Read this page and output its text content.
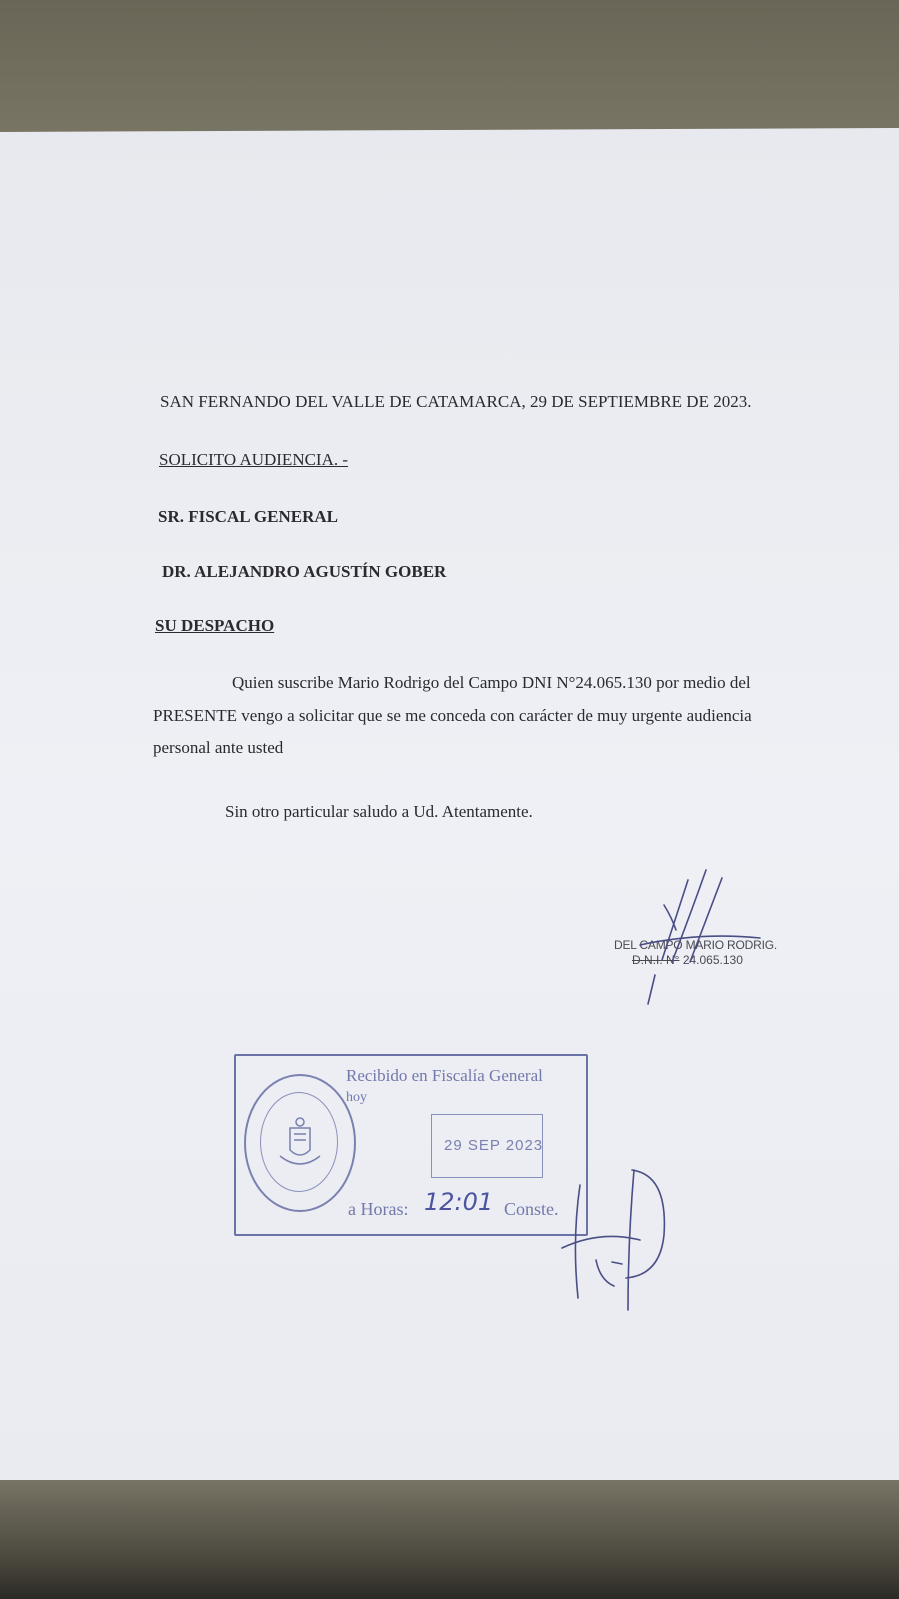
SAN FERNANDO DEL VALLE DE CATAMARCA, 29 DE SEPTIEMBRE DE 2023.
SOLICITO AUDIENCIA. -
SR. FISCAL GENERAL
DR. ALEJANDRO AGUSTÍN GOBER
SU DESPACHO
Quien suscribe Mario Rodrigo del Campo DNI N°24.065.130 por medio del
PRESENTE vengo a solicitar que se me conceda con carácter de muy urgente audiencia
personal ante usted
Sin otro particular saludo a Ud. Atentamente.
DEL CAMPO MARIO RODRIG.
D.N.I. N° 24.065.130
Recibido en Fiscalía General
hoy
29 SEP 2023
a Horas: 12:01 Conste.
